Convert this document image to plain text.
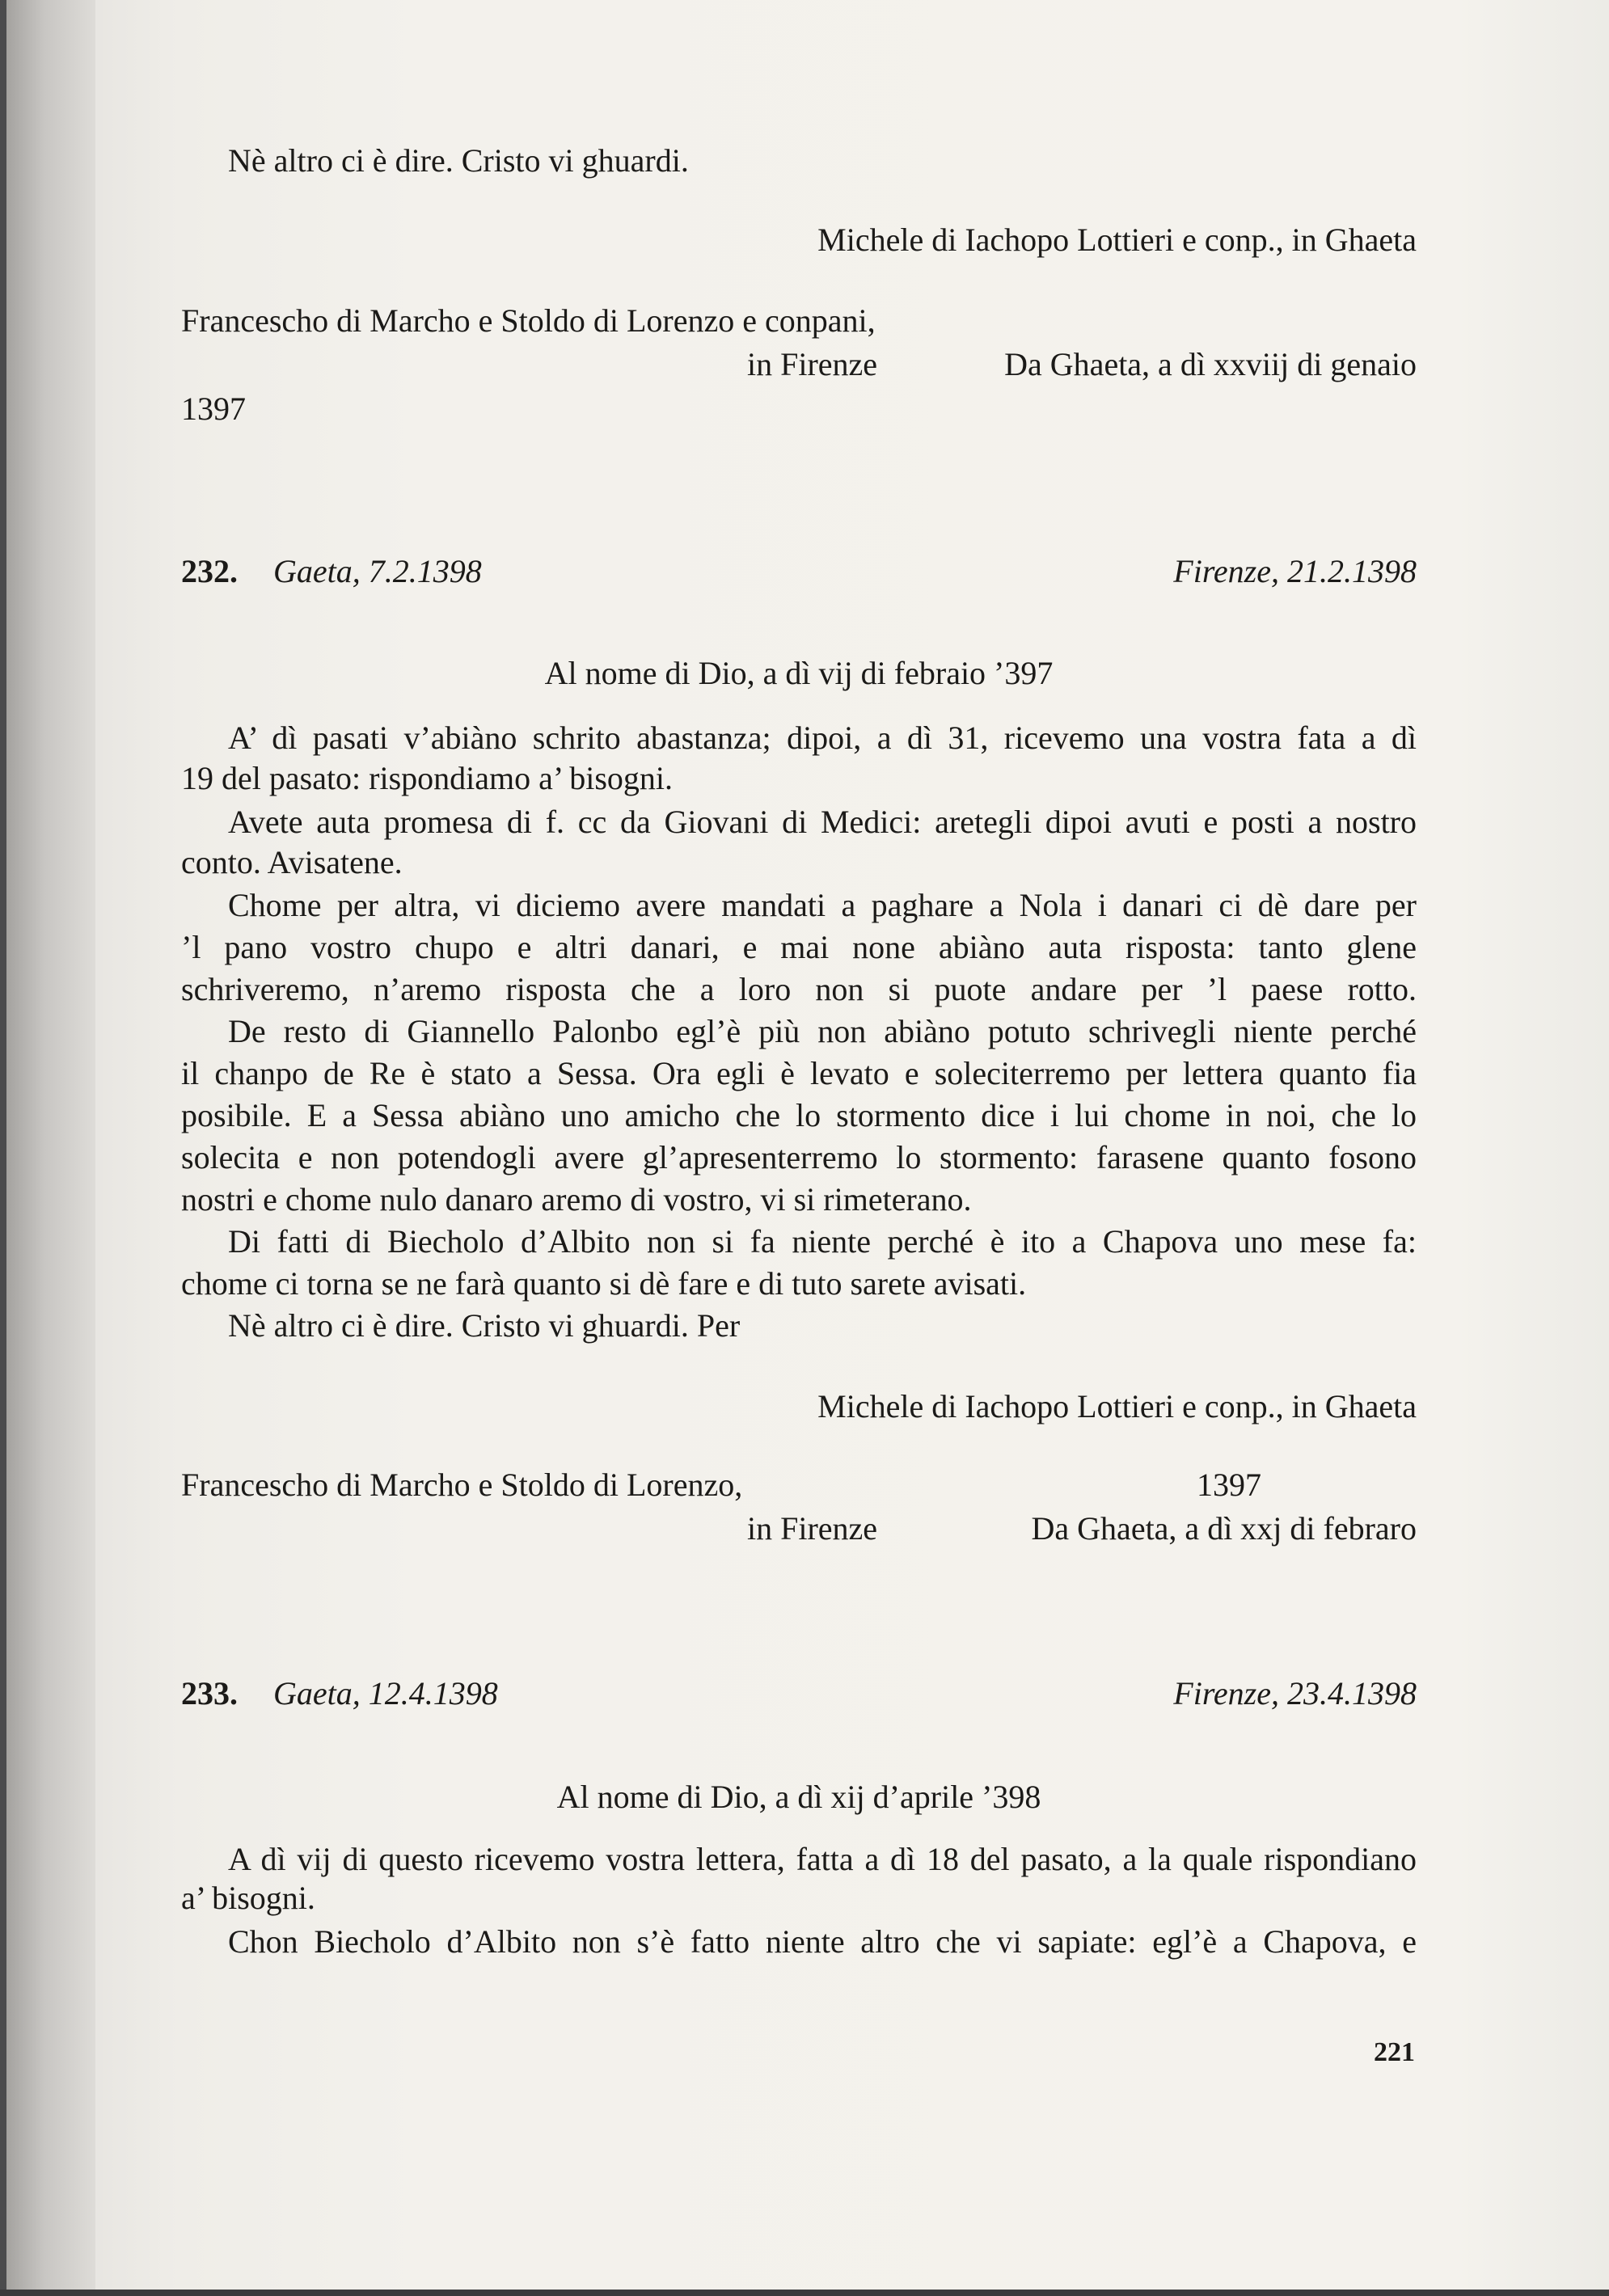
Nè altro ci è dire. Cristo vi ghuardi.

Michele di Iachopo Lottieri e conp., in Ghaeta

Francescho di Marcho e Stoldo di Lorenzo e conpani,

in Firenze	Da Ghaeta, a dì xxviij di genaio

1397

232. Gaeta, 7.2.1398	Firenze, 21.2.1398

Al nome di Dio, a dì vij di febraio ’397

A’ dì pasati v’abiàno schrito abastanza; dipoi, a dì 31, ricevemo una vostra fata a dì

19 del pasato: rispondiamo a’ bisogni.

Avete auta promesa di f. cc da Giovani di Medici: aretegli dipoi avuti e posti a nostro

conto. Avisatene.

Chome per altra, vi diciemo avere mandati a paghare a Nola i danari ci dè dare per

’l pano vostro chupo e altri danari, e mai none abiàno auta risposta: tanto glene

schriveremo, n’aremo risposta che a loro non si puote andare per ’l paese rotto.

De resto di Giannello Palonbo egl’è più non abiàno potuto schrivegli niente perché

il chanpo de Re è stato a Sessa. Ora egli è levato e soleciterremo per lettera quanto fia

posibile. E a Sessa abiàno uno amicho che lo stormento dice i lui chome in noi, che lo

solecita e non potendogli avere gl’apresenterremo lo stormento: farasene quanto fosono

nostri e chome nulo danaro aremo di vostro, vi si rimeterano.

Di fatti di Biecholo d’Albito non si fa niente perché è ito a Chapova uno mese fa:

chome ci torna se ne farà quanto si dè fare e di tuto sarete avisati.

Nè altro ci è dire. Cristo vi ghuardi. Per

Michele di Iachopo Lottieri e conp., in Ghaeta

Francescho di Marcho e Stoldo di Lorenzo,	1397

in Firenze	Da Ghaeta, a dì xxj di febraro

233. Gaeta, 12.4.1398	Firenze, 23.4.1398

Al nome di Dio, a dì xij d’aprile ’398

A dì vij di questo ricevemo vostra lettera, fatta a dì 18 del pasato, a la quale rispondiano

a’ bisogni.

Chon Biecholo d’Albito non s’è fatto niente altro che vi sapiate: egl’è a Chapova, e

221
